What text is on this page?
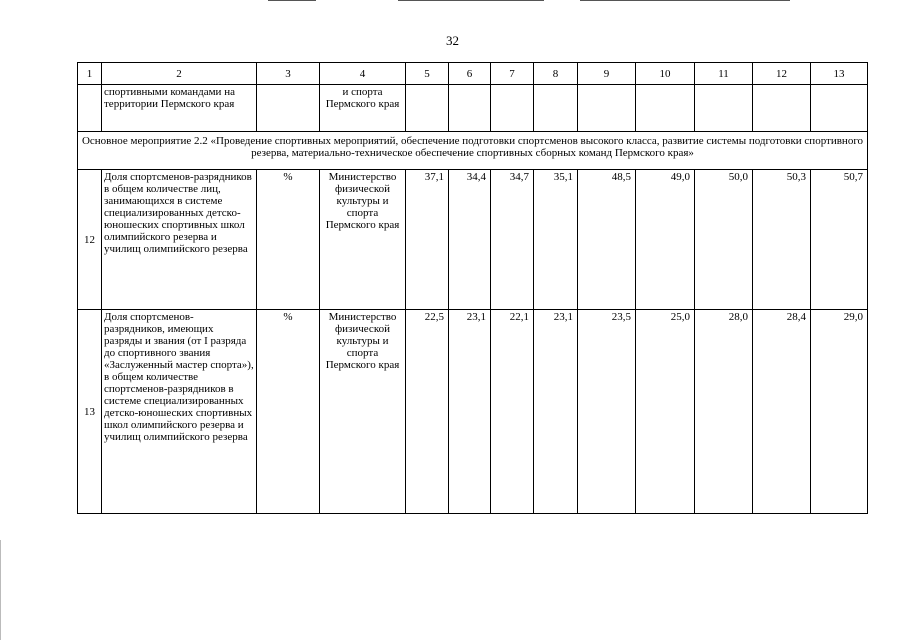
32
1	2	3	4	5	6	7	8	9	10	11	12	13
	спортивными командами на территории Пермского края		и спорта Пермского края									
Основное мероприятие 2.2 «Проведение спортивных мероприятий, обеспечение подготовки спортсменов высокого класса, развитие системы подготовки спортивного резерва, материально-техническое обеспечение спортивных сборных команд Пермского края»												
12	Доля спортсменов-разрядников в общем количестве лиц, занимающихся в системе специализированных детско-юношеских спортивных школ олимпийского резерва и училищ олимпийского резерва	%	Министерство физической культуры и спорта Пермского края	37,1	34,4	34,7	35,1	48,5	49,0	50,0	50,3	50,7
13	Доля спортсменов-разрядников, имеющих разряды и звания (от I разряда до спортивного звания «Заслуженный мастер спорта»), в общем количестве спортсменов-разрядников в системе специализированных детско-юношеских спортивных школ олимпийского резерва и училищ олимпийского резерва	%	Министерство физической культуры и спорта Пермского края	22,5	23,1	22,1	23,1	23,5	25,0	28,0	28,4	29,0
